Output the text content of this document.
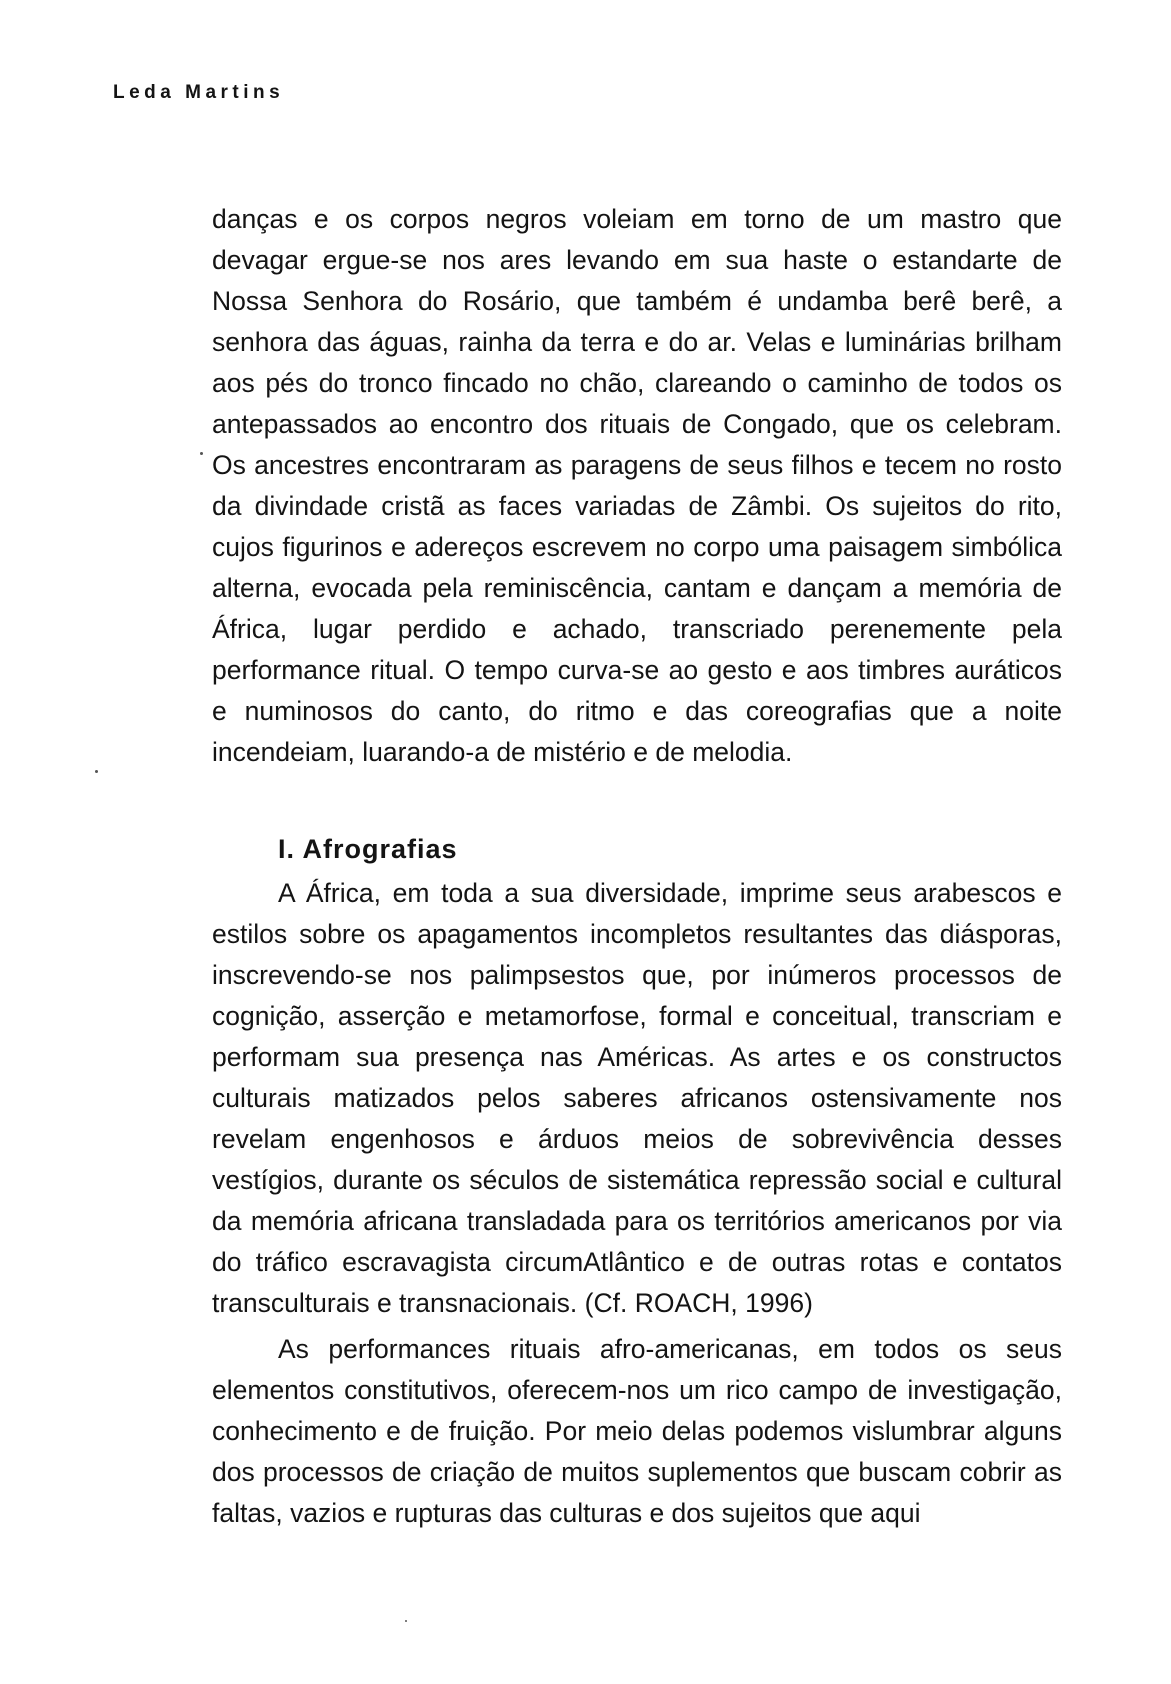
Leda Martins

danças e os corpos negros voleiam em torno de um mastro que devagar ergue-se nos ares levando em sua haste o estandarte de Nossa Senhora do Rosário, que também é undamba berê berê, a senhora das águas, rainha da terra e do ar. Velas e luminárias brilham aos pés do tronco fincado no chão, clareando o caminho de todos os antepassados ao encontro dos rituais de Congado, que os celebram. Os ancestres encontraram as paragens de seus filhos e tecem no rosto da divindade cristã as faces variadas de Zâmbi. Os sujeitos do rito, cujos figurinos e adereços escrevem no corpo uma paisagem simbólica alterna, evocada pela reminiscência, cantam e dançam a memória de África, lugar perdido e achado, transcriado perenemente pela performance ritual. O tempo curva-se ao gesto e aos timbres auráticos e numinosos do canto, do ritmo e das coreografias que a noite incendeiam, luarando-a de mistério e de melodia.

I. Afrografias

A África, em toda a sua diversidade, imprime seus arabescos e estilos sobre os apagamentos incompletos resultantes das diásporas, inscrevendo-se nos palimpsestos que, por inúmeros processos de cognição, asserção e metamorfose, formal e conceitual, transcriam e performam sua presença nas Américas. As artes e os constructos culturais matizados pelos saberes africanos ostensivamente nos revelam engenhosos e árduos meios de sobrevivência desses vestígios, durante os séculos de sistemática repressão social e cultural da memória africana transladada para os territórios americanos por via do tráfico escravagista circumAtlântico e de outras rotas e contatos transculturais e transnacionais. (Cf. ROACH, 1996)

As performances rituais afro-americanas, em todos os seus elementos constitutivos, oferecem-nos um rico campo de investigação, conhecimento e de fruição. Por meio delas podemos vislumbrar alguns dos processos de criação de muitos suplementos que buscam cobrir as faltas, vazios e rupturas das culturas e dos sujeitos que aqui
